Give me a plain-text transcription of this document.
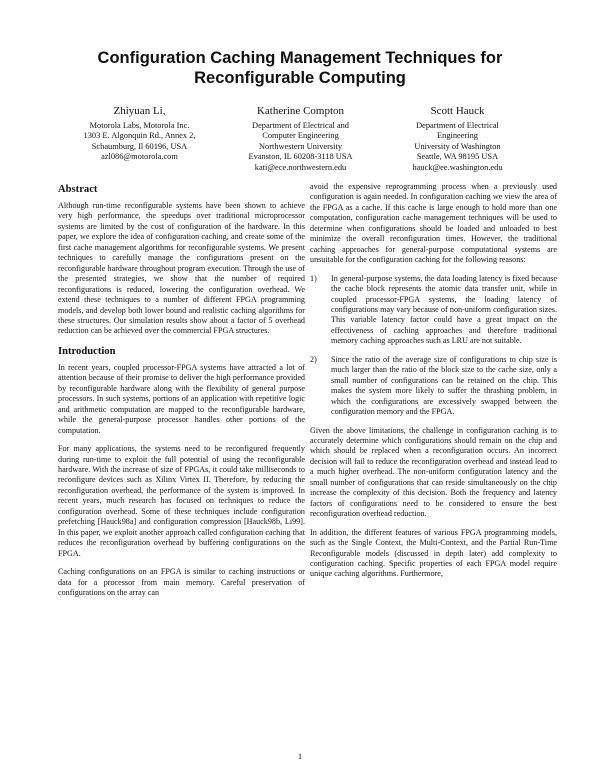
Configuration Caching Management Techniques for
Reconfigurable Computing
Zhiyuan Li,
Motorola Labs, Motorola Inc.
1303 E. Algonquin Rd., Annex 2,
Schaumburg, Il 60196, USA
azl086@motorola.com
Katherine Compton
Department of Electrical and
Computer Engineering
Northwestern University
Evanston, IL 60208-3118 USA
kati@ece.northwestern.edu
Scott Hauck
Department of Electrical
Engineering
University of Washington
Seattle, WA 98195 USA
hauck@ee.washington.edu
Abstract

Although run-time reconfigurable systems have been shown to achieve very high performance, the speedups over traditional microprocessor systems are limited by the cost of configuration of the hardware. In this paper, we explore the idea of configuration caching, and create some of the first cache management algorithms for reconfigurable systems. We present techniques to carefully manage the configurations present on the reconfigurable hardware throughout program execution. Through the use of the presented strategies, we show that the number of required reconfigurations is reduced, lowering the configuration overhead. We extend these techniques to a number of different FPGA programming models, and develop both lower bound and realistic caching algorithms for these structures. Our simulation results show about a factor of 5 overhead reduction can be achieved over the commercial FPGA structures.

Introduction

In recent years, coupled processor-FPGA systems have attracted a lot of attention because of their promise to deliver the high performance provided by reconfigurable hardware along with the flexibility of general purpose processors. In such systems, portions of an application with repetitive logic and arithmetic computation are mapped to the reconfigurable hardware, while the general-purpose processor handles other portions of the computation.

For many applications, the systems need to be reconfigured frequently during run-time to exploit the full potential of using the reconfigurable hardware. With the increase of size of FPGAs, it could take milliseconds to reconfigure devices such as Xilinx Virtex II. Therefore, by reducing the reconfiguration overhead, the performance of the system is improved. In recent years, much research has focused on techniques to reduce the configuration overhead. Some of these techniques include configuration prefetching [Hauck98a] and configuration compression [Hauck98b, Li99]. In this paper, we exploit another approach called configuration caching that reduces the reconfiguration overhead by buffering configurations on the FPGA.

Caching configurations on an FPGA is similar to caching instructions or data for a processor from main memory. Careful preservation of configurations on the array can

avoid the expensive reprogramming process when a previously used configuration is again needed. In configuration caching we view the area of the FPGA as a cache. If this cache is large enough to hold more than one computation, configuration cache management techniques will be used to determine when configurations should be loaded and unloaded to best minimize the overall reconfiguration times. However, the traditional caching approaches for general-purpose computational systems are unsuitable for the configuration caching for the following reasons:

1) In general-purpose systems, the data loading latency is fixed because the cache block represents the atomic data transfer unit, while in coupled processor-FPGA systems, the loading latency of configurations may vary because of non-uniform configuration sizes. This variable latency factor could have a great impact on the effectiveness of caching approaches and therefore traditional memory caching approaches such as LRU are not suitable.
2) Since the ratio of the average size of configurations to chip size is much larger than the ratio of the block size to the cache size, only a small number of configurations can be retained on the chip. This makes the system more likely to suffer the thrashing problem, in which the configurations are excessively swapped between the configuration memory and the FPGA.

Given the above limitations, the challenge in configuration caching is to accurately determine which configurations should remain on the chip and which should be replaced when a reconfiguration occurs. An incorrect decision will fail to reduce the reconfiguration overhead and instead lead to a much higher overhead. The non-uniform configuration latency and the small number of configurations that can reside simultaneously on the chip increase the complexity of this decision. Both the frequency and latency factors of configurations need to be considered to ensure the best reconfiguration overhead reduction.

In addition, the different features of various FPGA programming models, such as the Single Context, the Multi-Context, and the Partial Run-Time Reconfigurable models (discussed in depth later) add complexity to configuration caching. Specific properties of each FPGA model require unique caching algorithms. Furthermore,

1
